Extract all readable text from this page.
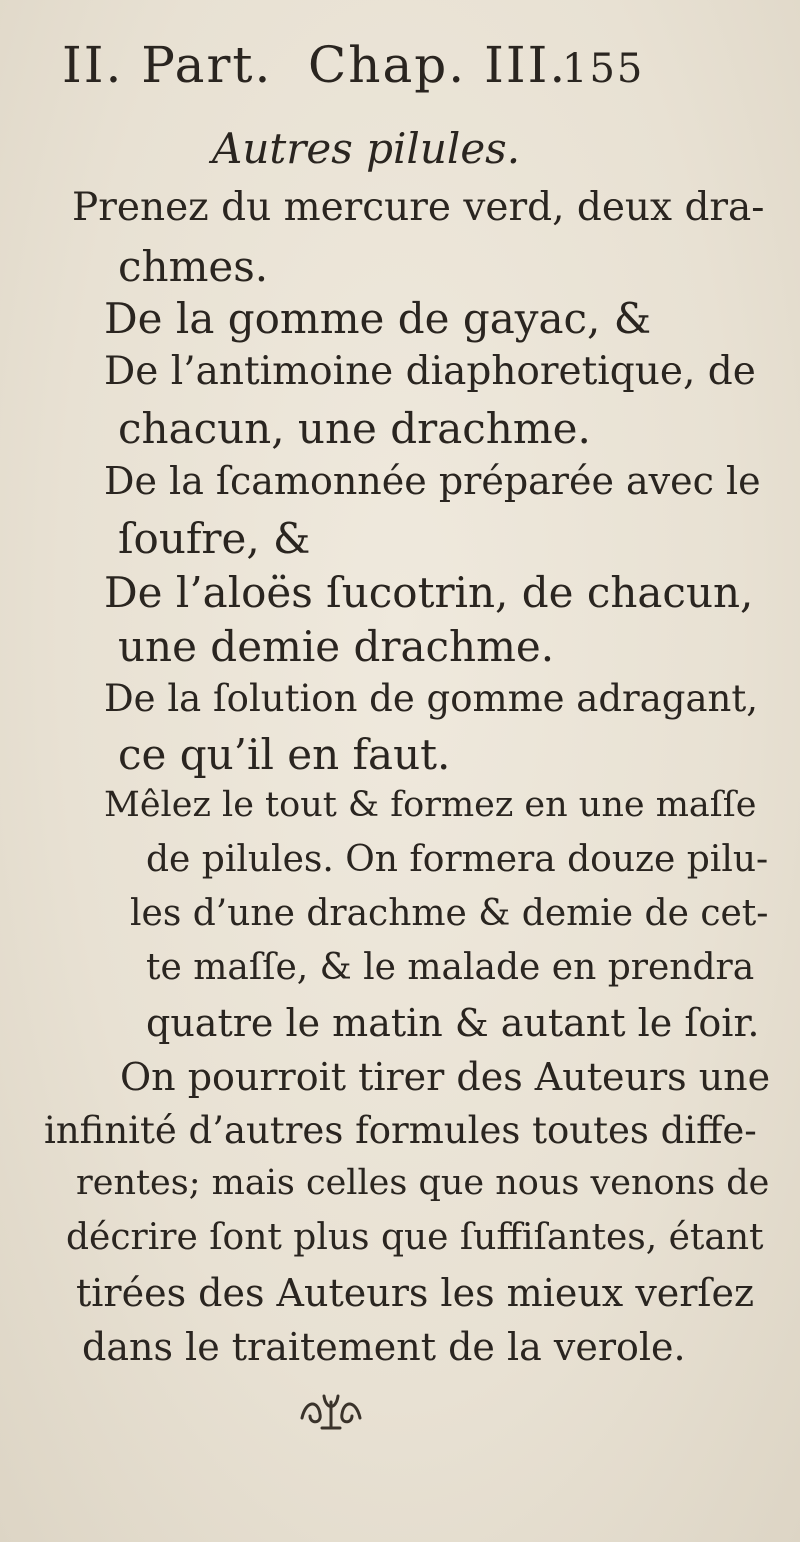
II. Part. Chap. III.
155
Autres pilules.
Prenez du mercure verd, deux dra-
chmes.
De la gomme de gayac, &
De l’antimoine diaphoretique, de
chacun, une drachme.
De la ſcamonnée préparée avec le
ſoufre, &
De l’aloës ſucotrin, de chacun,
une demie drachme.
De la ſolution de gomme adragant,
ce qu’il en faut.
Mêlez le tout & formez en une maſſe
de pilules. On formera douze pilu-
les d’une drachme & demie de cet-
te maſſe, & le malade en prendra
quatre le matin & autant le ſoir.
On pourroit tirer des Auteurs une
infinité d’autres formules toutes diffe-
rentes; mais celles que nous venons de
décrire ſont plus que ſuffiſantes, étant
tirées des Auteurs les mieux verſez
dans le traitement de la verole.
